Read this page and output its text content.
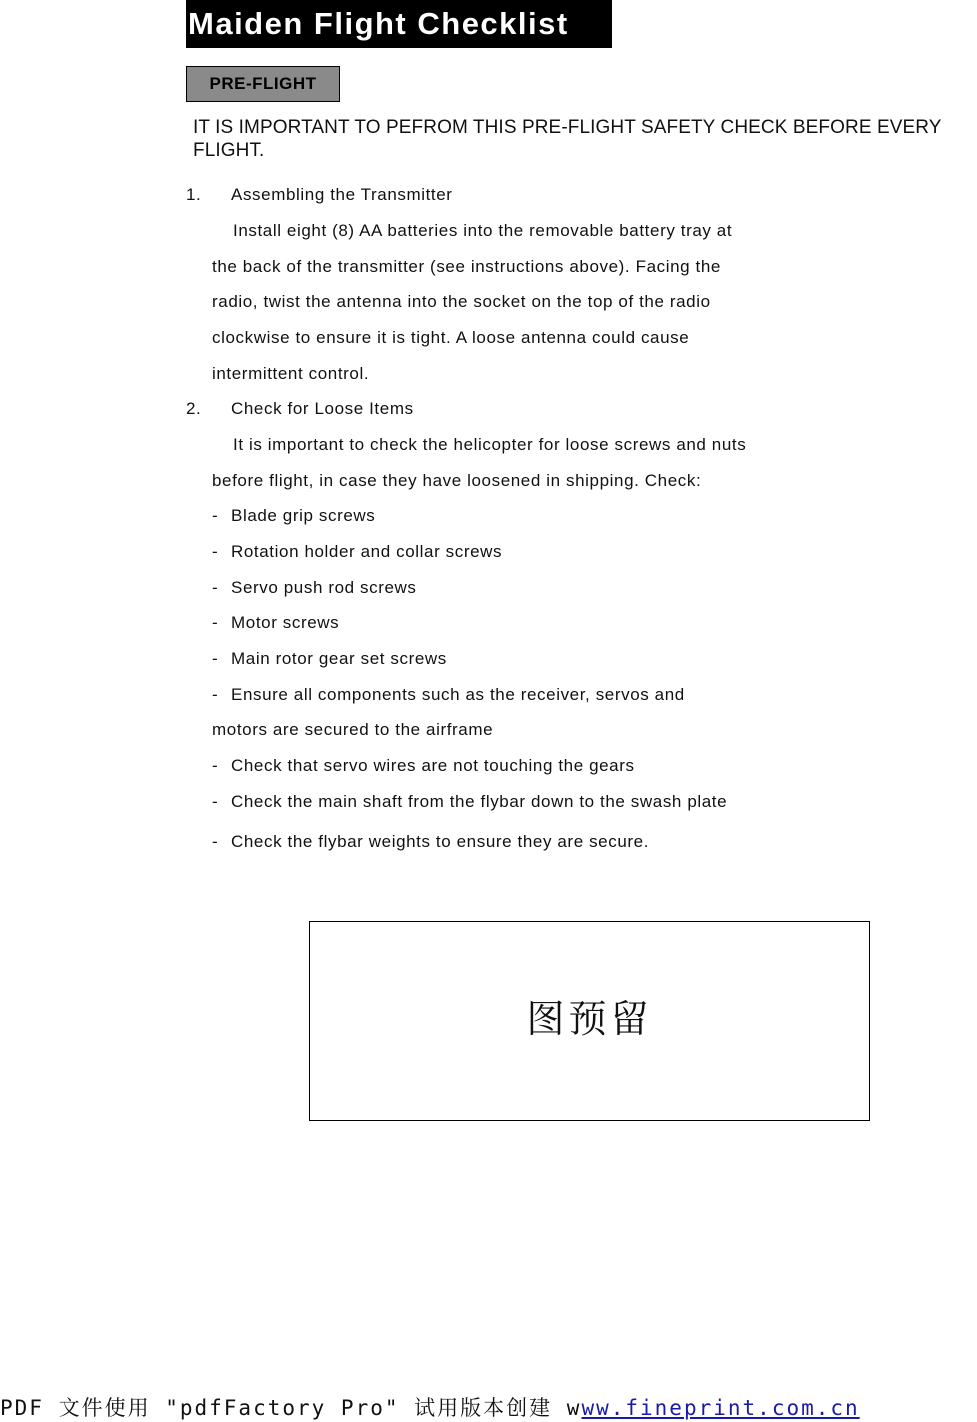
Maiden Flight Checklist
PRE-FLIGHT
IT IS IMPORTANT TO PEFROM THIS PRE-FLIGHT SAFETY CHECK BEFORE EVERY FLIGHT.
1. Assembling the Transmitter
Install eight (8) AA batteries into the removable battery tray at
the back of the transmitter (see instructions above). Facing the
radio, twist the antenna into the socket on the top of the radio
clockwise to ensure it is tight. A loose antenna could cause
intermittent control.
2. Check for Loose Items
It is important to check the helicopter for loose screws and nuts
before flight, in case they have loosened in shipping. Check:
- Blade grip screws
- Rotation holder and collar screws
- Servo push rod screws
- Motor screws
- Main rotor gear set screws
- Ensure all components such as the receiver, servos and
motors are secured to the airframe
- Check that servo wires are not touching the gears
- Check the main shaft from the flybar down to the swash plate
- Check the flybar weights to ensure they are secure.
图预留
PDF 文件使用 "pdfFactory Pro" 试用版本创建 www.fineprint.com.cn
